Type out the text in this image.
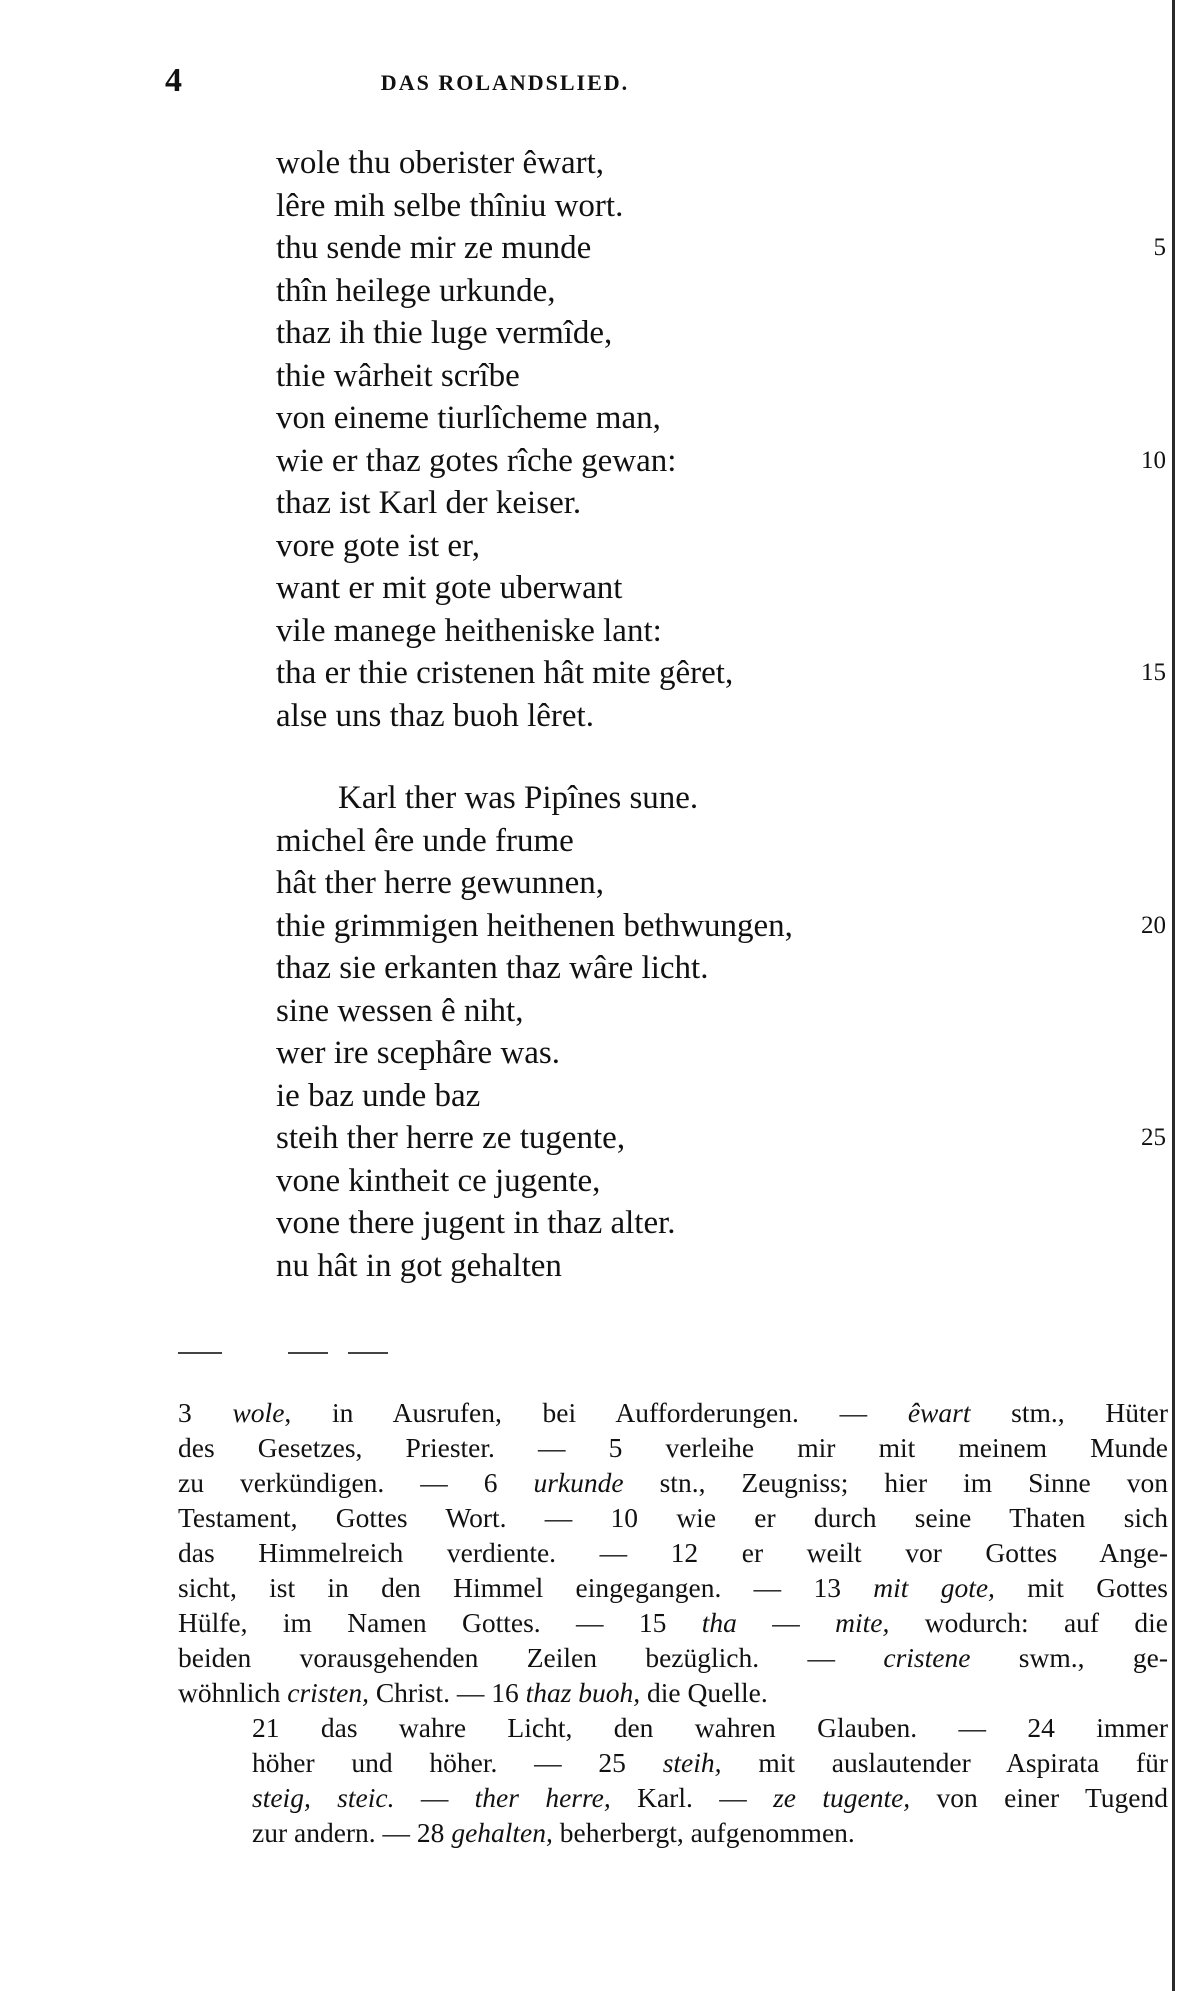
4	DAS ROLANDSLIED.
wole thu oberister êwart,
lêre mih selbe thîniu wort.
thu sende mir ze munde	5
thîn heilege urkunde,
thaz ih thie luge vermîde,
thie wârheit scrîbe
von eineme tiurlîcheme man,
wie er thaz gotes rîche gewan:	10
thaz ist Karl der keiser.
vore gote ist er,
want er mit gote uberwant
vile manege heitheniske lant:
tha er thie cristenen hât mite gêret,	15
alse uns thaz buoh lêret.
Karl ther was Pipînes sune.
michel êre unde frume
hât ther herre gewunnen,
thie grimmigen heithenen bethwungen,	20
thaz sie erkanten thaz wâre licht.
sine wessen ê niht,
wer ire scephâre was.
ie baz unde baz
steih ther herre ze tugente,	25
vone kintheit ce jugente,
vone there jugent in thaz alter.
nu hât in got gehalten

3 wole, in Ausrufen, bei Aufforderungen. — êwart stm., Hüter
des Gesetzes, Priester. — 5 verleihe mir mit meinem Munde
zu verkündigen. — 6 urkunde stn., Zeugniss; hier im Sinne von
Testament, Gottes Wort. — 10 wie er durch seine Thaten sich
das Himmelreich verdiente. — 12 er weilt vor Gottes Ange-
sicht, ist in den Himmel eingegangen. — 13 mit gote, mit Gottes
Hülfe, im Namen Gottes. — 15 tha — mite, wodurch: auf die
beiden vorausgehenden Zeilen bezüglich. — cristene swm., ge-
wöhnlich cristen, Christ. — 16 thaz buoh, die Quelle.

21 das wahre Licht, den wahren Glauben. — 24 immer
höher und höher. — 25 steih, mit auslautender Aspirata für
steig, steic. — ther herre, Karl. — ze tugente, von einer Tugend
zur andern. — 28 gehalten, beherbergt, aufgenommen.
